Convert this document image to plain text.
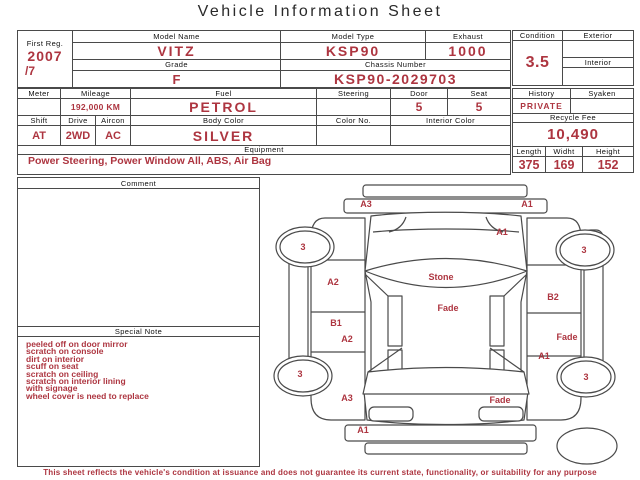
Vehicle Information Sheet
First Reg.
2007
/7	Model Name	Model Type	Exhaust
	VITZ	KSP90	1000
	Grade	Chassis Number	
	F	KSP90-2029703	
Condition	Exterior
3.5	
	Interior

Meter	Mileage		Fuel	Steering	Door	Seat
	192,000 KM		PETROL		5	5
Shift	Drive	Aircon	Body Color	Color No.	Interior Color	
AT	2WD	AC	SILVER			
Equipment						
Power Steering, Power Window All, ABS, Air Bag						
History		Syaken	
PRIVATE			
Recycle Fee			
10,490			
Length	Widht		Height
375	169		152
Comment
Special Note
peeled off on door mirror
scratch on console
dirt on interior
scuff on seat
scratch on ceiling
scratch on interior lining
with signage
wheel cover is need to replace
A3	A1
A1
3	3
A2	Stone
B2
Fade
B1
A2	Fade
A1
3	3
A3	Fade
A1
This sheet reflects the vehicle's condition at issuance and does not guarantee its current state, functionality, or suitability for any purpose
